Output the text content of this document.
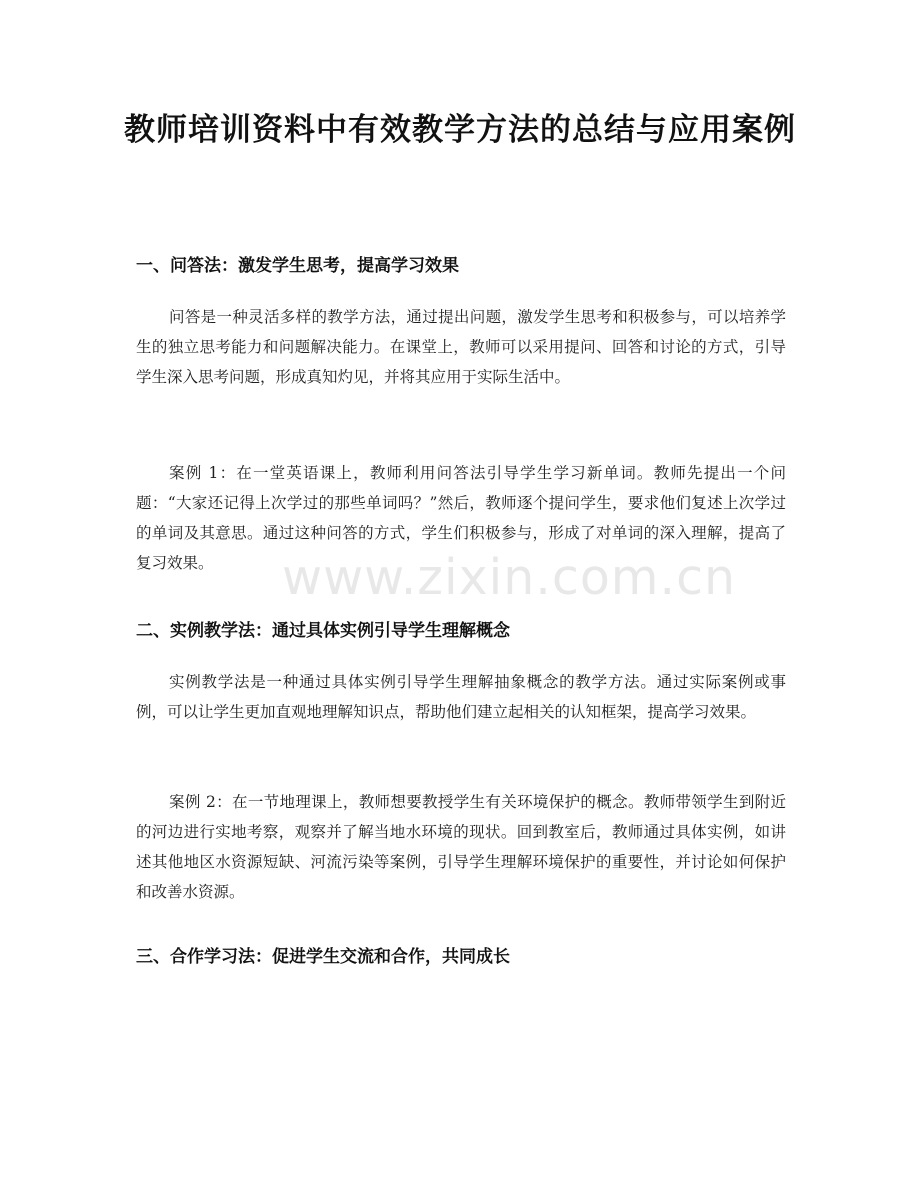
教师培训资料中有效教学方法的总结与应用案例
一、问答法：激发学生思考，提高学习效果

问答是一种灵活多样的教学方法，通过提出问题，激发学生思考和积极参与，可以培养学生的独立思考能力和问题解决能力。在课堂上，教师可以采用提问、回答和讨论的方式，引导学生深入思考问题，形成真知灼见，并将其应用于实际生活中。

案例 1：在一堂英语课上，教师利用问答法引导学生学习新单词。教师先提出一个问题：“大家还记得上次学过的那些单词吗？”然后，教师逐个提问学生，要求他们复述上次学过的单词及其意思。通过这种问答的方式，学生们积极参与，形成了对单词的深入理解，提高了复习效果。

二、实例教学法：通过具体实例引导学生理解概念

实例教学法是一种通过具体实例引导学生理解抽象概念的教学方法。通过实际案例或事例，可以让学生更加直观地理解知识点，帮助他们建立起相关的认知框架，提高学习效果。

案例 2：在一节地理课上，教师想要教授学生有关环境保护的概念。教师带领学生到附近的河边进行实地考察，观察并了解当地水环境的现状。回到教室后，教师通过具体实例，如讲述其他地区水资源短缺、河流污染等案例，引导学生理解环境保护的重要性，并讨论如何保护和改善水资源。

三、合作学习法：促进学生交流和合作，共同成长
www.zixin.com.cn
